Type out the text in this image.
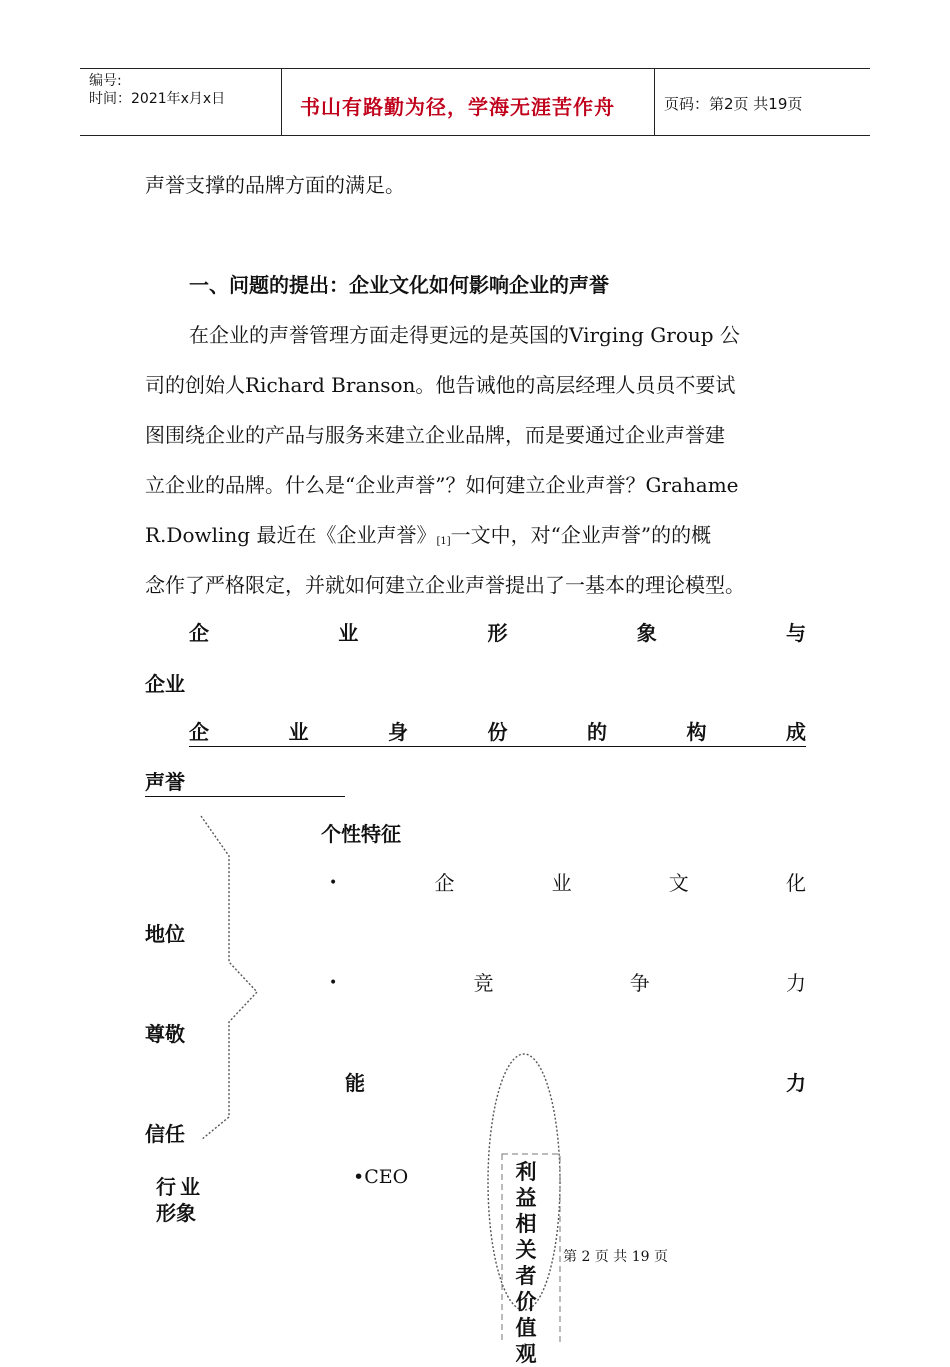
编号:
时间：2021年x月x日	书山有路勤为径，学海无涯苦作舟	页码：第2页 共19页
声誉支撑的品牌方面的满足。
一、问题的提出：企业文化如何影响企业的声誉
在企业的声誉管理方面走得更远的是英国的Virging Group 公
司的创始人Richard Branson。他告诫他的高层经理人员员不要试
图围绕企业的产品与服务来建立企业品牌，而是要通过企业声誉建
立企业的品牌。什么是“企业声誉”？如何建立企业声誉？Grahame
R.Dowling 最近在《企业声誉》$_{[1]}$一文中，对“企业声誉”的的概
念作了严格限定，并就如何建立企业声誉提出了一基本的理论模型。
企	业	形	象	与
企业
企	业	身	份	的	构	成
声誉
地位
尊敬
信任
行业
形象
个性特征
•	企	业	文	化
•	竞	争	力
能	力
•CEO	利
益
相
关
者
价
值
观
第 2 页 共 19 页
